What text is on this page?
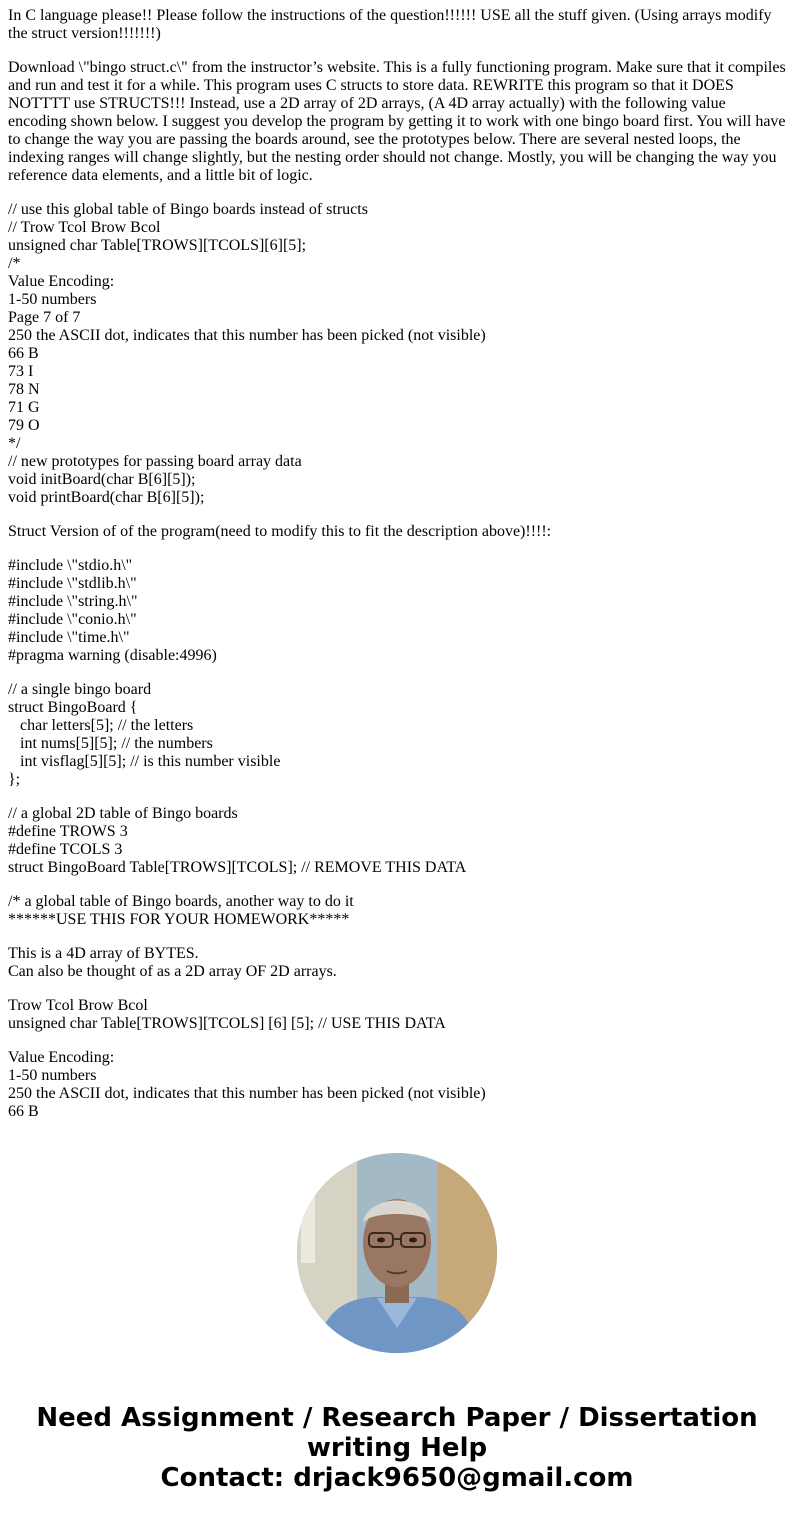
In C language please!! Please follow the instructions of the question!!!!!! USE all the stuff given. (Using arrays modify the struct version!!!!!!!)

Download \"bingo struct.c\" from the instructor’s website. This is a fully functioning program. Make sure that it compiles and run and test it for a while. This program uses C structs to store data. REWRITE this program so that it DOES NOTTTT use STRUCTS!!! Instead, use a 2D array of 2D arrays, (A 4D array actually) with the following value encoding shown below. I suggest you develop the program by getting it to work with one bingo board first. You will have to change the way you are passing the boards around, see the prototypes below. There are several nested loops, the indexing ranges will change slightly, but the nesting order should not change. Mostly, you will be changing the way you reference data elements, and a little bit of logic.

// use this global table of Bingo boards instead of structs
// Trow Tcol Brow Bcol
unsigned char Table[TROWS][TCOLS][6][5];
/*
Value Encoding:
1-50 numbers
Page 7 of 7
250 the ASCII dot, indicates that this number has been picked (not visible)
66 B
73 I
78 N
71 G
79 O
*/
// new prototypes for passing board array data
void initBoard(char B[6][5]);
void printBoard(char B[6][5]);

Struct Version of of the program(need to modify this to fit the description above)!!!!:

#include \"stdio.h\"
#include \"stdlib.h\"
#include \"string.h\"
#include \"conio.h\"
#include \"time.h\"
#pragma warning (disable:4996)
// a single bingo board
struct BingoBoard {
char letters[5]; // the letters
int nums[5][5]; // the numbers
int visflag[5][5]; // is this number visible
};
// a global 2D table of Bingo boards
#define TROWS 3
#define TCOLS 3
struct BingoBoard Table[TROWS][TCOLS]; // REMOVE THIS DATA
/* a global table of Bingo boards, another way to do it
******USE THIS FOR YOUR HOMEWORK*****
This is a 4D array of BYTES.
Can also be thought of as a 2D array OF 2D arrays.
Trow Tcol Brow Bcol
unsigned char Table[TROWS][TCOLS] [6] [5]; // USE THIS DATA
Value Encoding:
1-50 numbers
250 the ASCII dot, indicates that this number has been picked (not visible)
66 B
Need Assignment / Research Paper / Dissertation
writing Help
Contact: drjack9650@gmail.com
